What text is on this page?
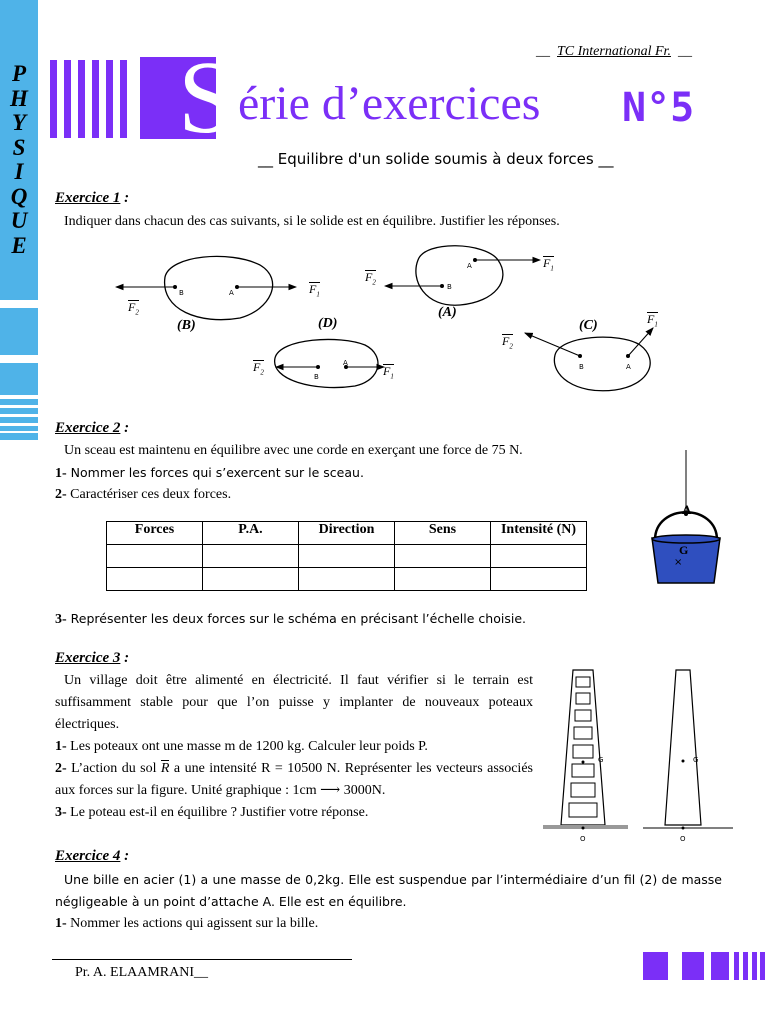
P
H
Y
S
I
Q
U
E
__ TC International Fr. __
S érie d’exercices N°5
__ Equilibre d'un solide soumis à deux forces __
Exercice 1 :
Indiquer dans chacun des cas suivants, si le solide est en équilibre. Justifier les réponses.
(B)	(D)
(A)
(C)
B	A
A
B
A
B
B	A
$F_2$
$F_1$
$F_2$
$F_1$
$F_2$	$F_1$
$F_2$
$F_1$
Exercice 2 :
Un sceau est maintenu en équilibre avec une corde en exerçant une force de 75 N.
1- Nommer les forces qui s’exercent sur le sceau.
2- Caractériser ces deux forces.
Forces	P.A.	Direction	Sens	Intensité (N)

3- Représenter les deux forces sur le schéma en précisant l’échelle choisie.
×
A
G
Exercice 3 :
Un village doit être alimenté en électricité. Il faut vérifier si le terrain est suffisamment stable pour que l’on puisse y implanter de nouveaux poteaux électriques.
1- Les poteaux ont une masse m de 1200 kg. Calculer leur poids P.
2- L’action du sol R a une intensité R = 10500 N. Représenter les vecteurs associés aux forces sur la figure. Unité graphique : 1cm ⟶ 3000N.
3- Le poteau est-il en équilibre ? Justifier votre réponse.
G
O
G
O
Exercice 4 :
Une bille en acier (1) a une masse de 0,2kg. Elle est suspendue par l’intermédiaire d’un fil (2) de masse négligeable à un point d’attache A. Elle est en équilibre.
1- Nommer les actions qui agissent sur la bille.
Pr. A. ELAAMRANI__
